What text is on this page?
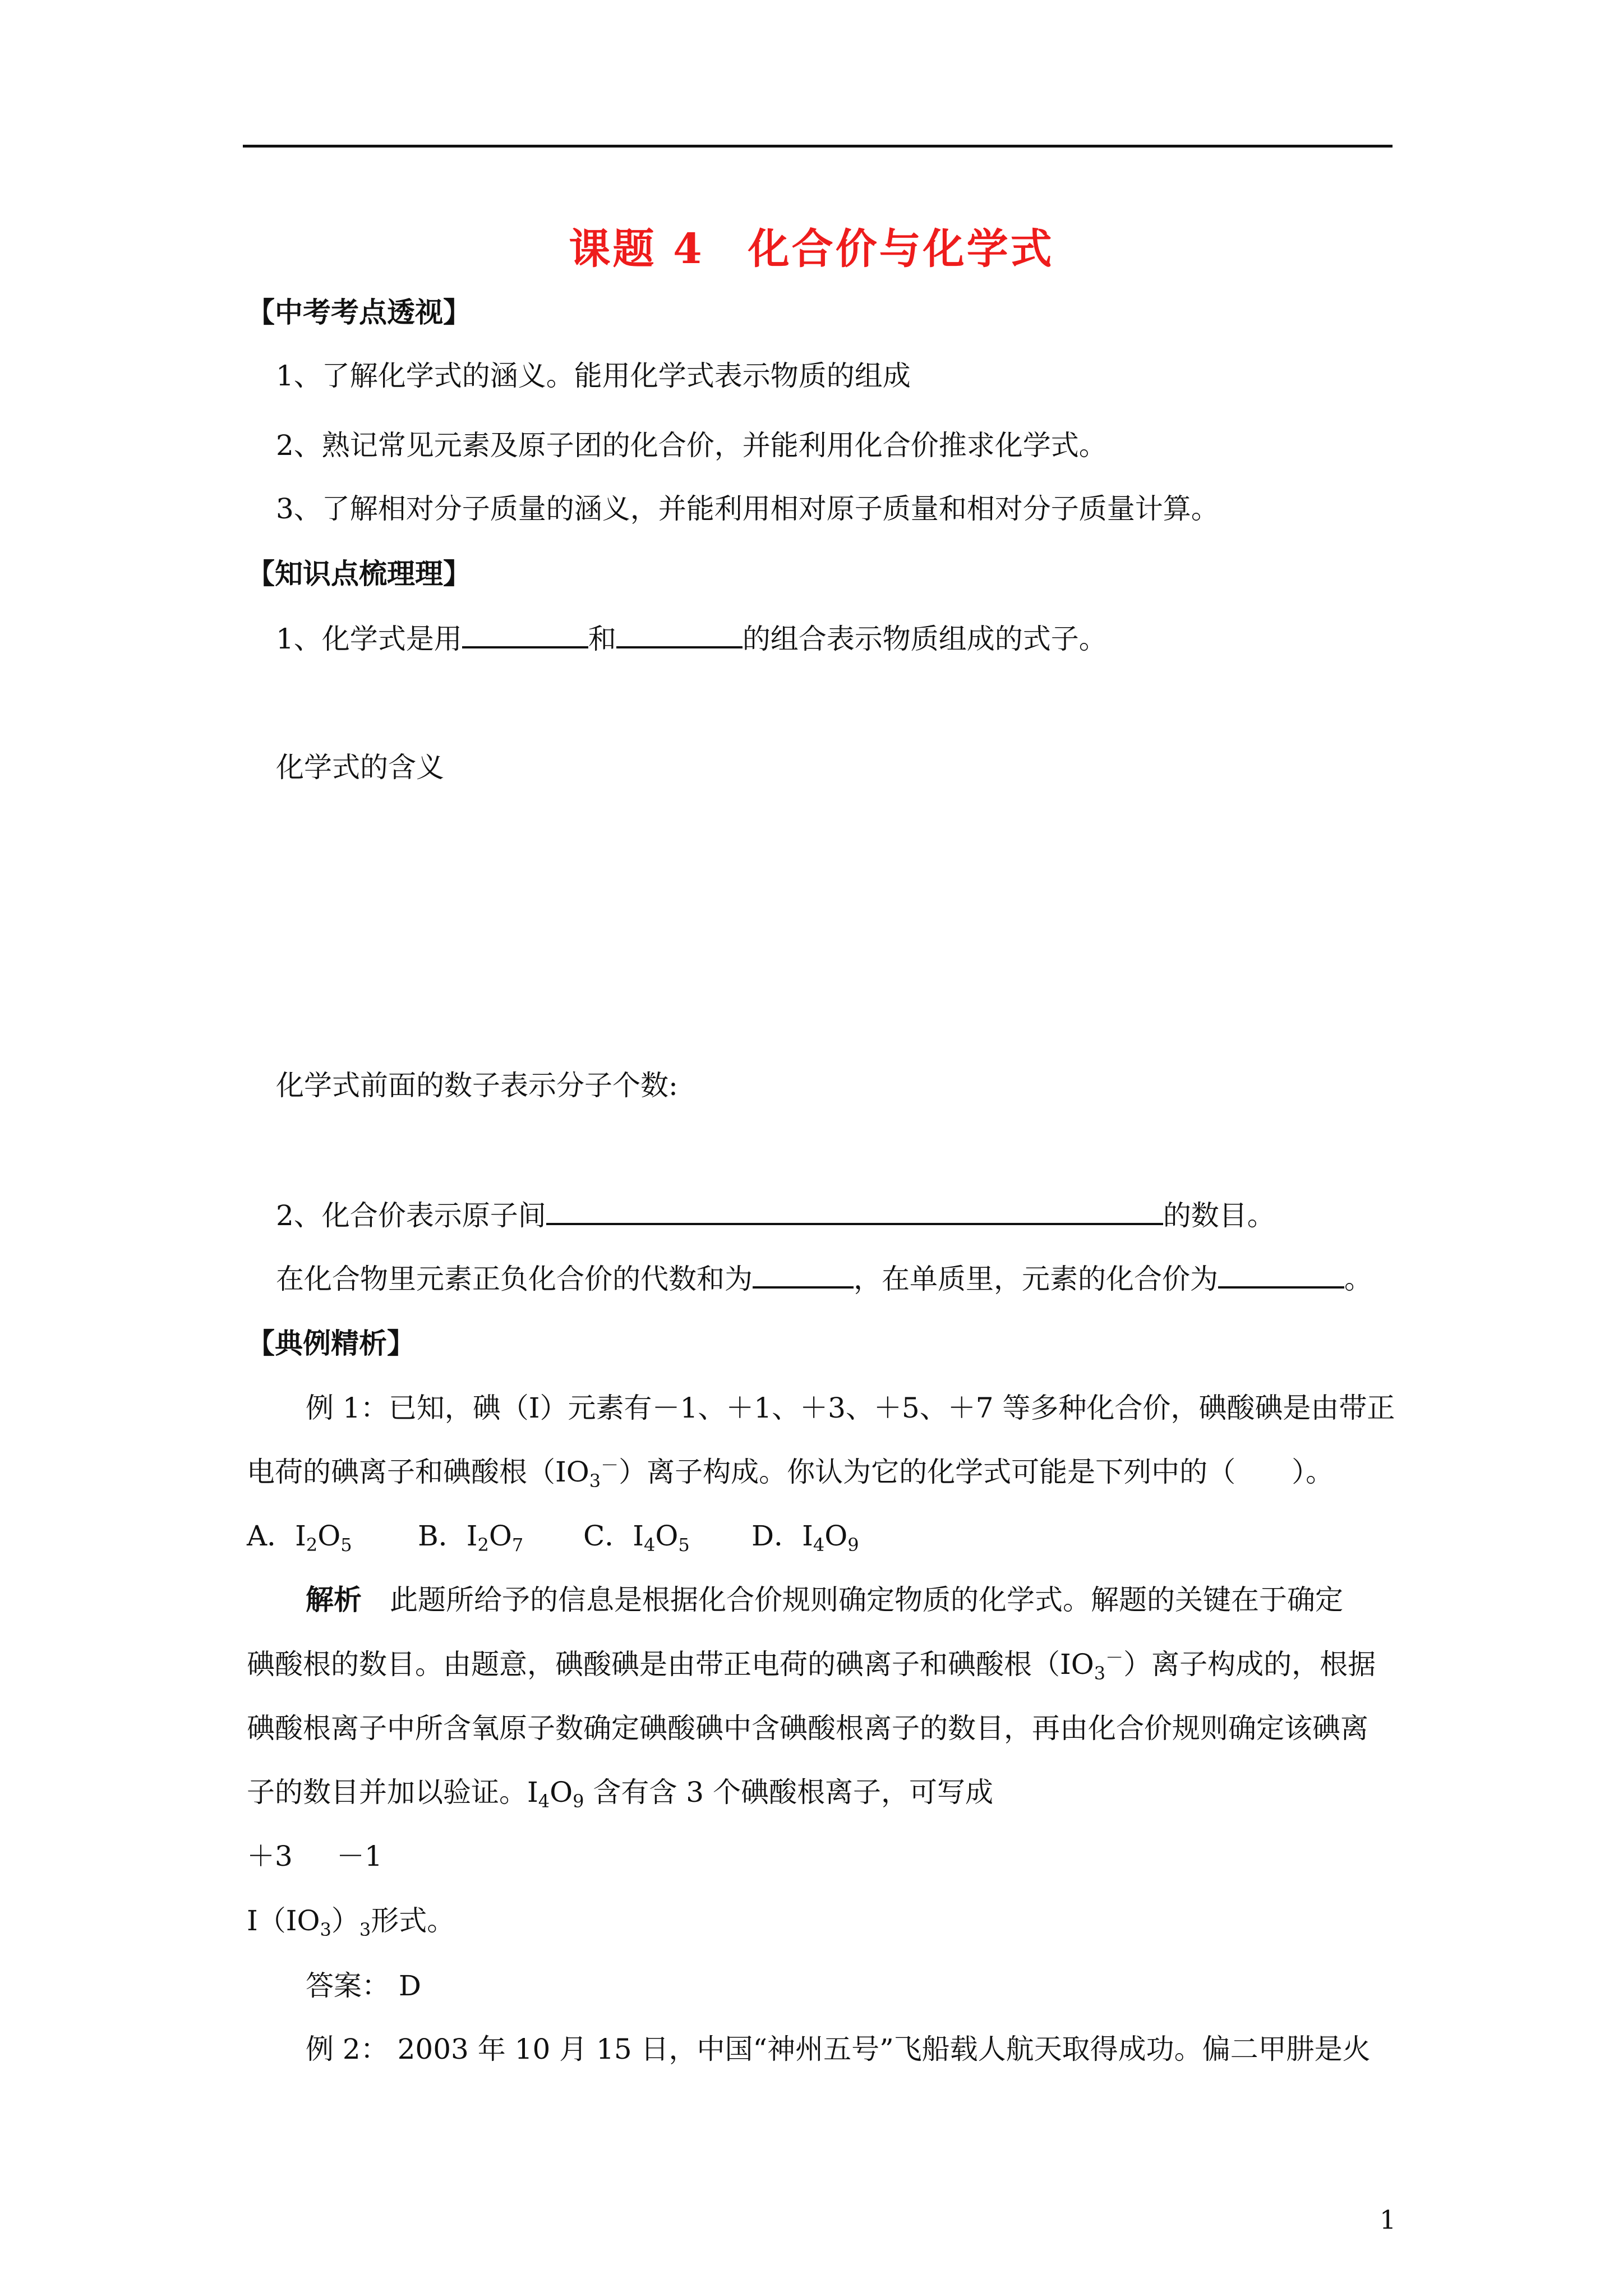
课题 4　化合价与化学式
【中考考点透视】
1、了解化学式的涵义。能用化学式表示物质的组成
2、熟记常见元素及原子团的化合价，并能利用化合价推求化学式。
3、了解相对分子质量的涵义，并能利用相对原子质量和相对分子质量计算。
【知识点梳理理】
1、化学式是用	和	的组合表示物质组成的式子。
化学式的含义
化学式前面的数子表示分子个数:
2、化合价表示原子间	的数目。
在化合物里元素正负化合价的代数和为	，在单质里，元素的化合价为	。
【典例精析】
例 1：已知，碘（I）元素有－1、＋1、＋3、＋5、＋7 等多种化合价，碘酸碘是由带正
电荷的碘离子和碘酸根$(IO_3^-)$离子构成。你认为它的化学式可能是下列中的（　　）。
A．$I_2O_5$ B．$I_2O_7$ C．$I_4O_5$ D．$I_4O_9$
解析　 此题所给予的信息是根据化合价规则确定物质的化学式。解题的关键在于确定
碘酸根的数目。由题意，碘酸碘是由带正电荷的碘离子和碘酸根$(IO_3^-)$离子构成的，根据
碘酸根离子中所含氧原子数确定碘酸碘中含碘酸根离子的数目，再由化合价规则确定该碘离
子的数目并加以验证。$I_4O_9$ 含有含 3 个碘酸根离子，可写成
＋3 －1
$I(IO_3)_3$形式。
答案： D
例 2： 2003 年 10 月 15 日，中国“神州五号”飞船载人航天取得成功。偏二甲肼是火
1
